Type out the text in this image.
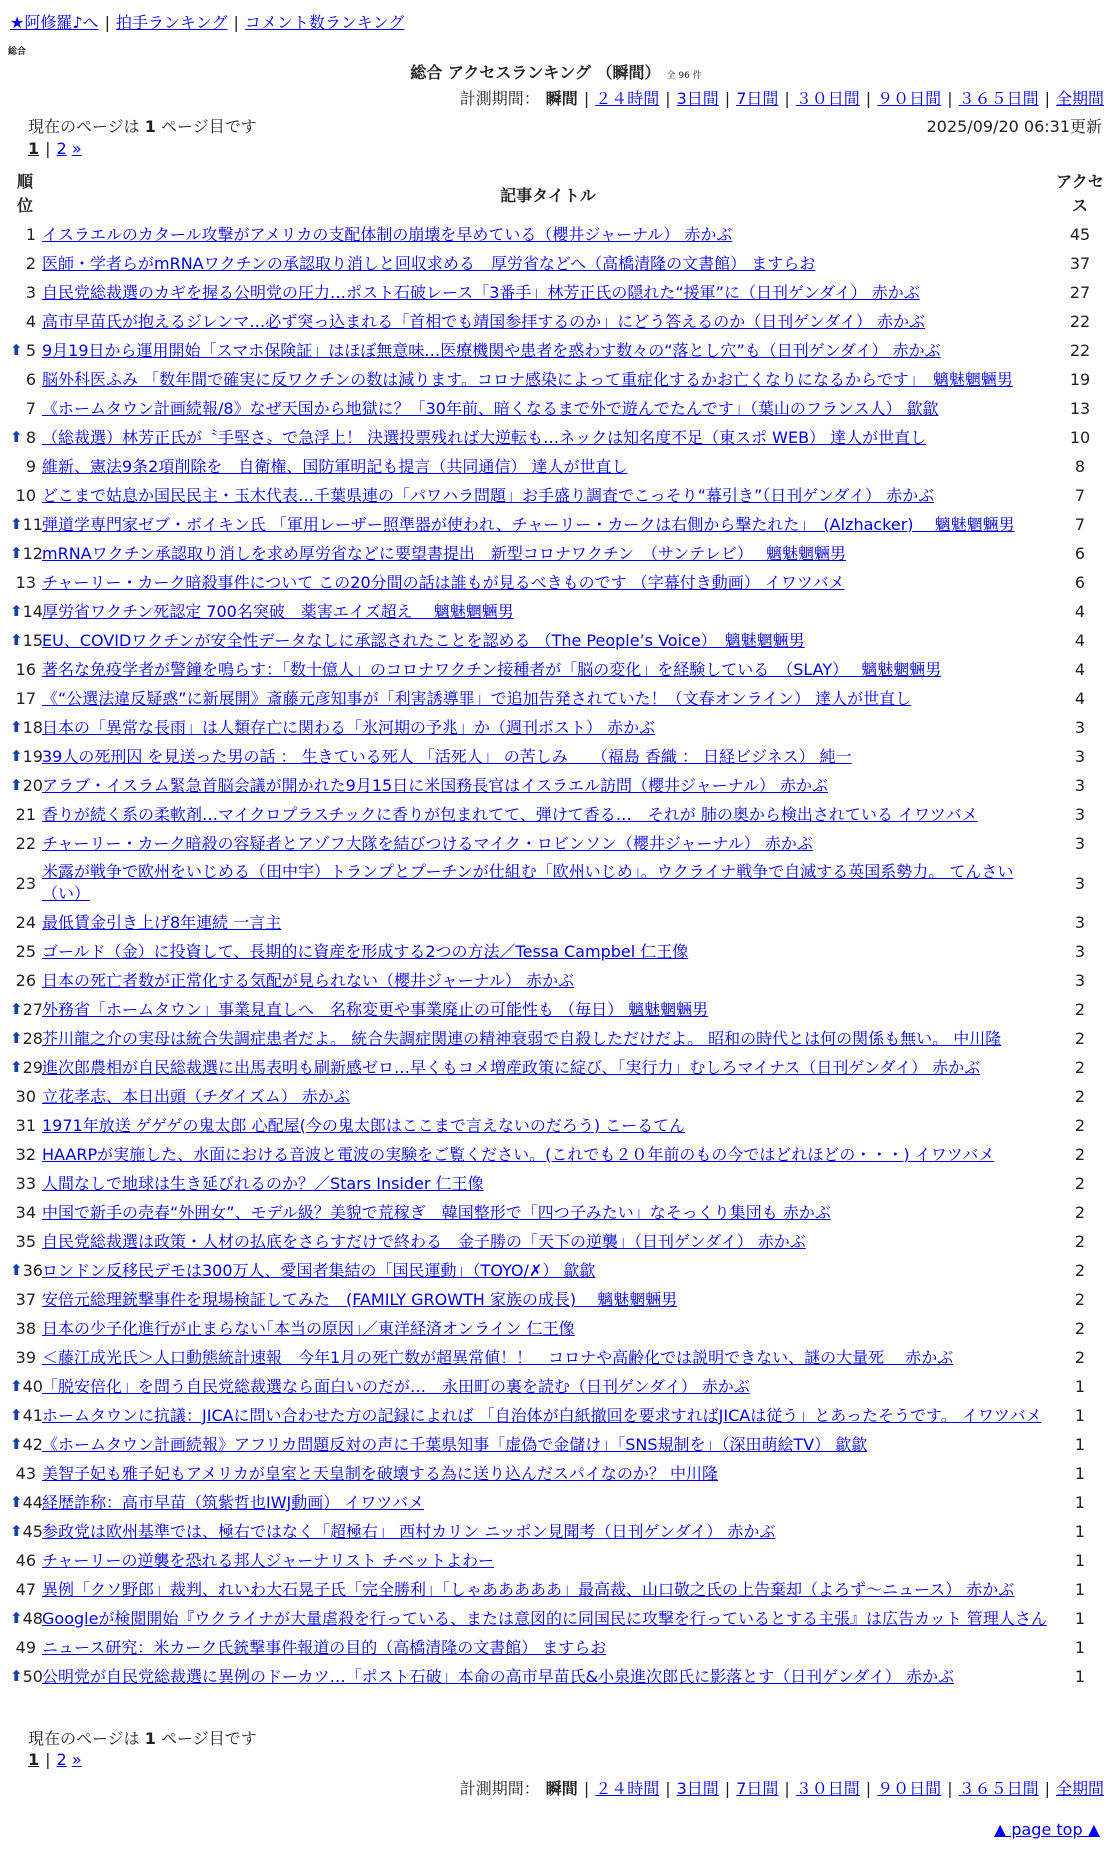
★阿修羅♪へ | 拍手ランキング | コメント数ランキング
総合
総合 アクセスランキング （瞬間） 全 96 件
計測期間： 瞬間 | ２４時間 | 3日間 | 7日間 | ３０日間 | ９０日間 | ３６５日間 | 全期間
現在のページは 1 ページ目です	2025/09/20 06:31更新
1 | 2 »
順位	記事タイトル	アクセス
1	イスラエルのカタール攻撃がアメリカの支配体制の崩壊を早めている（櫻井ジャーナル） 赤かぶ	45
2	医師・学者らがmRNAワクチンの承認取り消しと回収求める　厚労省などへ（高橋清隆の文書館） ますらお	37
3	自民党総裁選のカギを握る公明党の圧力…ポスト石破レース「3番手」林芳正氏の隠れた“援軍”に（日刊ゲンダイ） 赤かぶ	27
4	高市早苗氏が抱えるジレンマ…必ず突っ込まれる「首相でも靖国参拝するのか」にどう答えるのか（日刊ゲンダイ） 赤かぶ	22

⬆ 5	9月19日から運用開始「スマホ保険証」はほぼ無意味…医療機関や患者を惑わす数々の“落とし穴”も（日刊ゲンダイ） 赤かぶ	22
6	脳外科医ふみ 「数年間で確実に反ワクチンの数は減ります。コロナ感染によって重症化するかお亡くなりになるからです」　魑魅魍魎男	19
7	《ホームタウン計画続報/8》なぜ天国から地獄に？「30年前、暗くなるまで外で遊んでたんです」（葉山のフランス人） 歙歙	13

⬆ 8	（総裁選）林芳正氏が〝手堅さ〟で急浮上！ 決選投票残れば大逆転も…ネックは知名度不足（東スポ WEB） 達人が世直し	10
9	維新、憲法9条2項削除を　自衛権、国防軍明記も提言（共同通信） 達人が世直し	8
10	どこまで姑息か国民民主・玉木代表…千葉県連の「パワハラ問題」お手盛り調査でこっそり“幕引き”（日刊ゲンダイ） 赤かぶ	7

⬆ 11	弾道学専門家ゼブ・ボイキン氏 「軍用レーザー照準器が使われ、チャーリー・カークは右側から撃たれた」　(Alzhacker)　 魑魅魍魎男	7

⬆ 12	mRNAワクチン承認取り消しを求め厚労省などに要望書提出　新型コロナワクチン　（サンテレビ）　 魑魅魍魎男	6
13	チャーリー・カーク暗殺事件について この20分間の話は誰もが見るべきものです （字幕付き動画） イワツバメ	6

⬆ 14	厚労省ワクチン死認定 700名突破　薬害エイズ超え　 魑魅魍魎男	4

⬆ 15	EU、COVIDワクチンが安全性データなしに承認されたことを認める （The People’s Voice）　魑魅魍魎男	4
16	著名な免疫学者が警鐘を鳴らす：「数十億人」のコロナワクチン接種者が「脳の変化」を経験している　（SLAY）　 魑魅魍魎男	4
17	《“公選法違反疑惑”に新展開》斎藤元彦知事が「利害誘導罪」で追加告発されていた！（文春オンライン） 達人が世直し	4

⬆ 18	日本の「異常な長雨」は人類存亡に関わる「氷河期の予兆」か（週刊ポスト） 赤かぶ	3

⬆ 19	39人の死刑囚 を見送った男の話 ： 生きている死人 「活死人」 の苦しみ　　（福島 香織 ： 日経ビジネス） 純一	3

⬆ 20	アラブ・イスラム緊急首脳会議が開かれた9月15日に米国務長官はイスラエル訪問（櫻井ジャーナル） 赤かぶ	3
21	香りが続く系の柔軟剤…マイクロプラスチックに香りが包まれてて、弾けて香る…　それが 肺の奥から検出されている イワツバメ	3
22	チャーリー・カーク暗殺の容疑者とアゾフ大隊を結びつけるマイク・ロビンソン（櫻井ジャーナル） 赤かぶ	3
23	米露が戦争で欧州をいじめる（田中宇）トランプとプーチンが仕組む「欧州いじめ」。ウクライナ戦争で自滅する英国系勢力。 てんさい（い）	3
24	最低賃金引き上げ8年連続 一言主	3
25	ゴールド（金）に投資して、長期的に資産を形成する2つの方法／Tessa Campbel 仁王像	3
26	日本の死亡者数が正常化する気配が見られない（櫻井ジャーナル） 赤かぶ	3

⬆ 27	外務省「ホームタウン」事業見直しへ　名称変更や事業廃止の可能性も （毎日） 魑魅魍魎男	2

⬆ 28	芥川龍之介の実母は統合失調症患者だよ。 統合失調症関連の精神衰弱で自殺しただけだよ。 昭和の時代とは何の関係も無い。 中川隆	2

⬆ 29	進次郎農相が自民総裁選に出馬表明も刷新感ゼロ…早くもコメ増産政策に綻び、「実行力」むしろマイナス（日刊ゲンダイ） 赤かぶ	2
30	立花孝志、本日出頭（チダイズム） 赤かぶ	2
31	1971年放送 ゲゲゲの鬼太郎 心配屋(今の鬼太郎はここまで言えないのだろう) こーるてん	2
32	HAARPが実施した、水面における音波と電波の実験をご覧ください。(これでも２０年前のもの今ではどれほどの・・・) イワツバメ	2
33	人間なしで地球は生き延びれるのか？／Stars Insider 仁王像	2
34	中国で新手の売春“外囲女”、モデル級？美貌で荒稼ぎ　韓国整形で「四つ子みたい」なそっくり集団も 赤かぶ	2
35	自民党総裁選は政策・人材の払底をさらすだけで終わる　金子勝の「天下の逆襲」（日刊ゲンダイ） 赤かぶ	2

⬆ 36	ロンドン反移民デモは300万人、愛国者集結の「国民運動」（TOYO/✗） 歙歙	2
37	安倍元総理銃撃事件を現場検証してみた　(FAMILY GROWTH 家族の成長)　 魑魅魍魎男	2
38	日本の少子化進行が止まらない｢本当の原因｣／東洋経済オンライン 仁王像	2
39	＜藤江成光氏＞人口動態統計速報　今年1月の死亡数が超異常値！！　コロナや高齢化では説明できない、謎の大量死　 赤かぶ	2

⬆ 40	「脱安倍化」を問う自民党総裁選なら面白いのだが…　永田町の裏を読む（日刊ゲンダイ） 赤かぶ	1

⬆ 41	ホームタウンに抗議：JICAに問い合わせた方の記録によれば 「自治体が白紙撤回を要求すればJICAは従う」とあったそうです。 イワツバメ	1

⬆ 42	《ホームタウン計画続報》アフリカ問題反対の声に千葉県知事「虚偽で金儲け」「SNS規制を」（深田萌絵TV） 歙歙	1
43	美智子妃も雅子妃もアメリカが皇室と天皇制を破壊する為に送り込んだスパイなのか？ 中川隆	1

⬆ 44	経歴詐称：高市早苗（筑紫哲也IWJ動画） イワツバメ	1

⬆ 45	参政党は欧州基準では、極右ではなく「超極右」 西村カリン ニッポン見聞考（日刊ゲンダイ） 赤かぶ	1
46	チャーリーの逆襲を恐れる邦人ジャーナリスト チベットよわー	1
47	異例「クソ野郎」裁判、れいわ大石晃子氏「完全勝利」「しゃあああああ」最高裁、山口敬之氏の上告棄却（よろず～ニュース） 赤かぶ	1

⬆ 48	Googleが検閲開始『ウクライナが大量虐殺を行っている、または意図的に同国民に攻撃を行っているとする主張』は広告カット 管理人さん	1
49	ニュース研究：米カーク氏銃撃事件報道の目的（高橋清隆の文書館） ますらお	1

⬆ 50	公明党が自民党総裁選に異例のドーカツ…「ポスト石破」本命の高市早苗氏&小泉進次郎氏に影落とす（日刊ゲンダイ） 赤かぶ	1
現在のページは 1 ページ目です
1 | 2 »
計測期間： 瞬間 | ２４時間 | 3日間 | 7日間 | ３０日間 | ９０日間 | ３６５日間 | 全期間
▲ page top ▲
